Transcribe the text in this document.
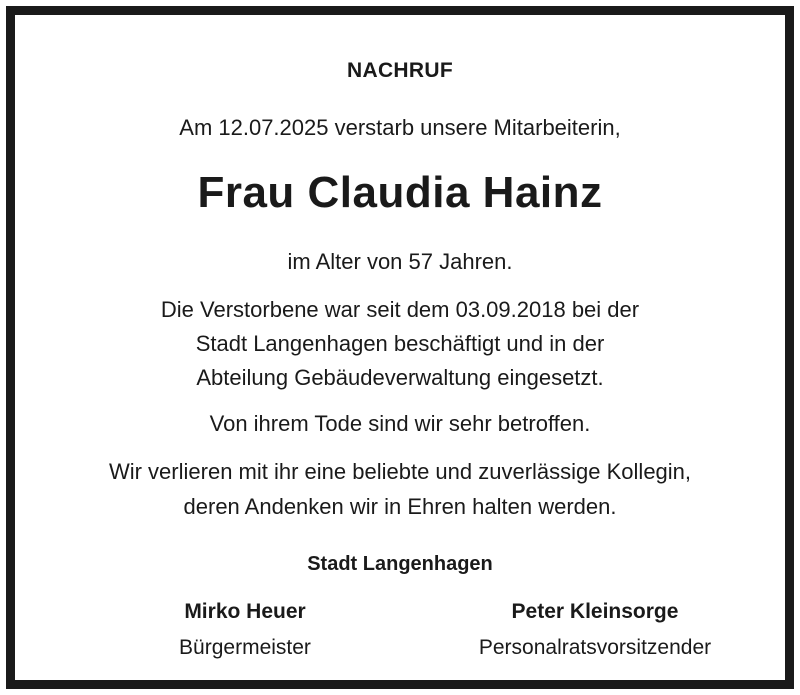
NACHRUF
Am 12.07.2025 verstarb unsere Mitarbeiterin,
Frau Claudia Hainz
im Alter von 57 Jahren.
Die Verstorbene war seit dem 03.09.2018 bei der
Stadt Langenhagen beschäftigt und in der
Abteilung Gebäudeverwaltung eingesetzt.
Von ihrem Tode sind wir sehr betroffen.
Wir verlieren mit ihr eine beliebte und zuverlässige Kollegin,
deren Andenken wir in Ehren halten werden.
Stadt Langenhagen
Mirko Heuer
Bürgermeister
Peter Kleinsorge
Personalratsvorsitzender
